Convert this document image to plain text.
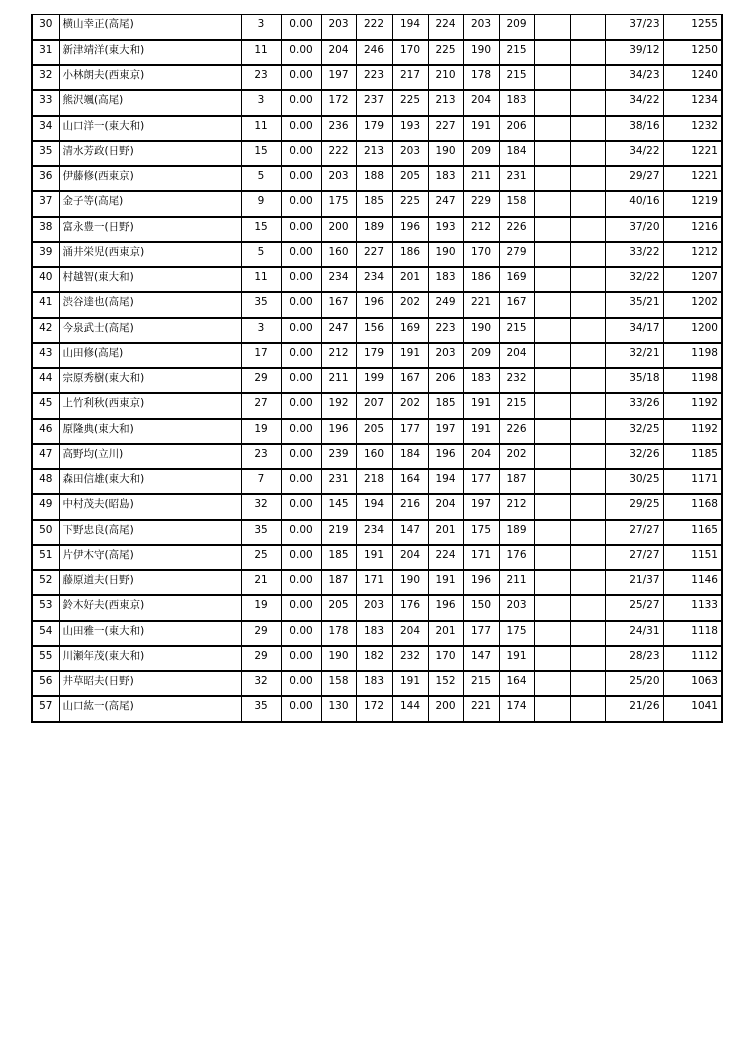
30	横山幸正(高尾)	3	0.00	203	222	194	224	203	209			37/23	1255
31	新津靖洋(東大和)	11	0.00	204	246	170	225	190	215			39/12	1250
32	小林朗夫(西東京)	23	0.00	197	223	217	210	178	215			34/23	1240
33	熊沢颯(高尾)	3	0.00	172	237	225	213	204	183			34/22	1234
34	山口洋一(東大和)	11	0.00	236	179	193	227	191	206			38/16	1232
35	清水芳政(日野)	15	0.00	222	213	203	190	209	184			34/22	1221
36	伊藤修(西東京)	5	0.00	203	188	205	183	211	231			29/27	1221
37	金子等(高尾)	9	0.00	175	185	225	247	229	158			40/16	1219
38	富永豊一(日野)	15	0.00	200	189	196	193	212	226			37/20	1216
39	涌井栄児(西東京)	5	0.00	160	227	186	190	170	279			33/22	1212
40	村越智(東大和)	11	0.00	234	234	201	183	186	169			32/22	1207
41	渋谷達也(高尾)	35	0.00	167	196	202	249	221	167			35/21	1202
42	今泉武士(高尾)	3	0.00	247	156	169	223	190	215			34/17	1200
43	山田修(高尾)	17	0.00	212	179	191	203	209	204			32/21	1198
44	宗原秀樹(東大和)	29	0.00	211	199	167	206	183	232			35/18	1198
45	上竹利秋(西東京)	27	0.00	192	207	202	185	191	215			33/26	1192
46	原隆典(東大和)	19	0.00	196	205	177	197	191	226			32/25	1192
47	高野均(立川)	23	0.00	239	160	184	196	204	202			32/26	1185
48	森田信雄(東大和)	7	0.00	231	218	164	194	177	187			30/25	1171
49	中村茂夫(昭島)	32	0.00	145	194	216	204	197	212			29/25	1168
50	下野忠良(高尾)	35	0.00	219	234	147	201	175	189			27/27	1165
51	片伊木守(高尾)	25	0.00	185	191	204	224	171	176			27/27	1151
52	藤原道夫(日野)	21	0.00	187	171	190	191	196	211			21/37	1146
53	鈴木好夫(西東京)	19	0.00	205	203	176	196	150	203			25/27	1133
54	山田雅一(東大和)	29	0.00	178	183	204	201	177	175			24/31	1118
55	川瀬年茂(東大和)	29	0.00	190	182	232	170	147	191			28/23	1112
56	井草昭夫(日野)	32	0.00	158	183	191	152	215	164			25/20	1063
57	山口紘一(高尾)	35	0.00	130	172	144	200	221	174			21/26	1041
